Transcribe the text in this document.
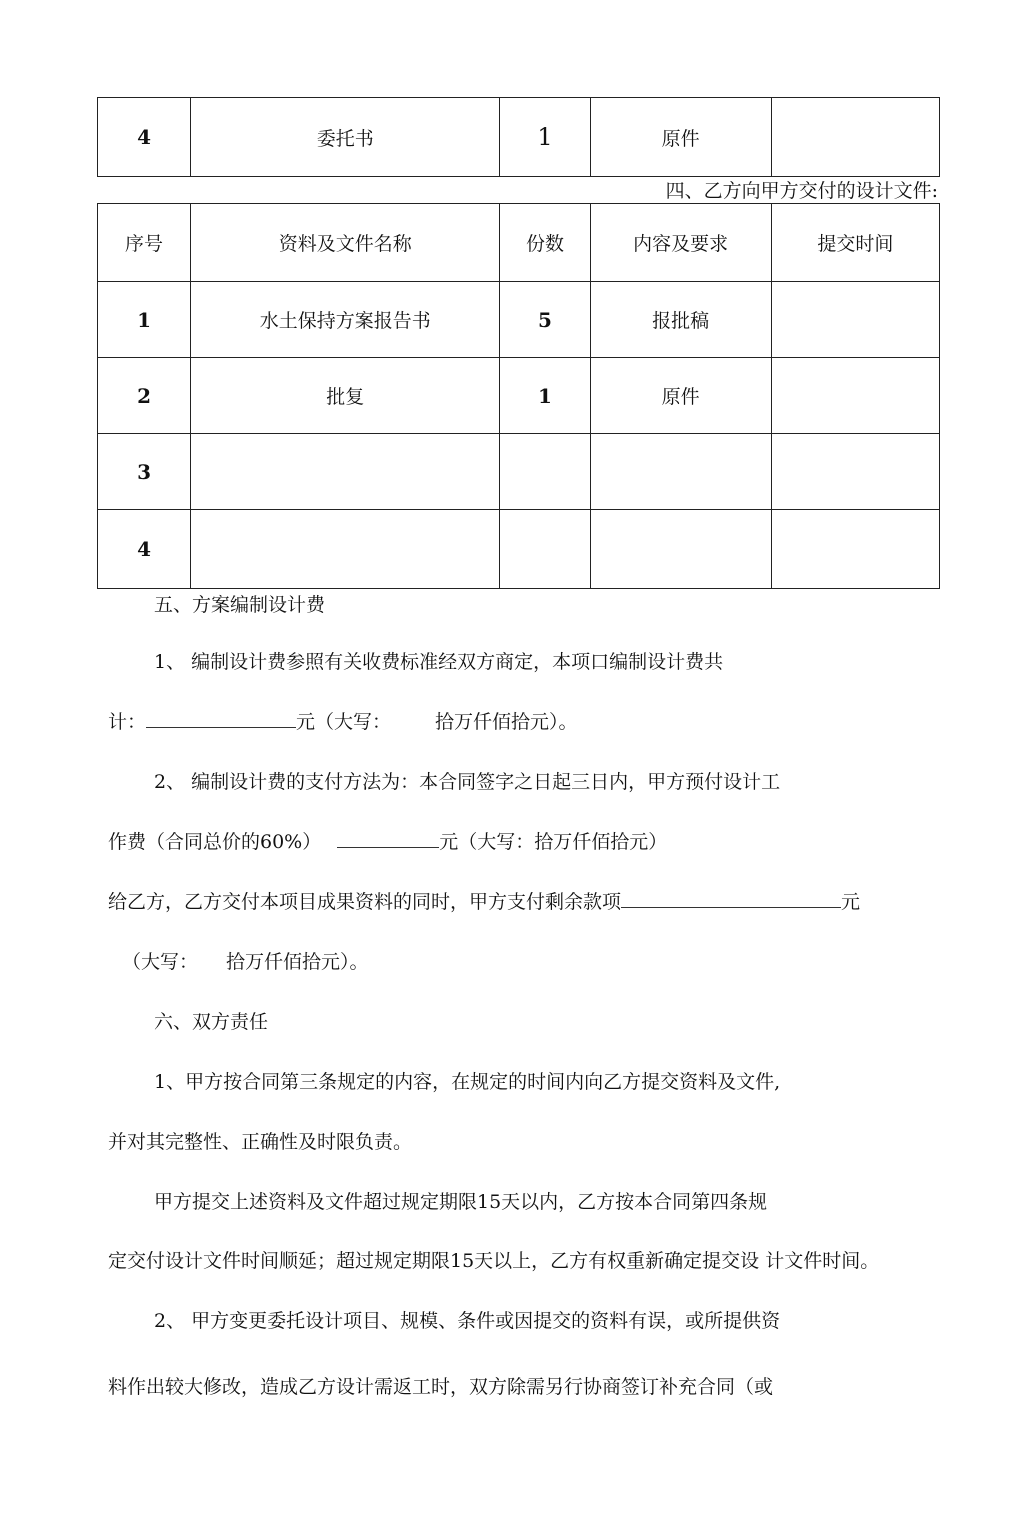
4	委托书	1	原件	
四、乙方向甲方交付的设计文件:
序号	资料及文件名称	份数	内容及要求	提交时间
1	水土保持方案报告书	5	报批稿	
2	批复	1	原件	
3				
4				
五、方案编制设计费
1、 编制设计费参照有关收费标准经双方商定，本项口编制设计费共
计：	元（大写： 拾万仟佰拾元）。
2、 编制设计费的支付方法为：本合同签字之日起三日内，甲方预付设计工
作费（合同总价的60%）	元（大写：拾万仟佰拾元）
给乙方，乙方交付本项目成果资料的同时，甲方支付剩余款项	元
（大写： 拾万仟佰拾元）。
六、双方责任
1、甲方按合同第三条规定的内容，在规定的时间内向乙方提交资料及文件,
并对其完整性、正确性及时限负责。
甲方提交上述资料及文件超过规定期限15天以内，乙方按本合同第四条规
定交付设计文件时间顺延；超过规定期限15天以上，乙方有权重新确定提交设 计文件时间。
2、 甲方变更委托设计项目、规模、条件或因提交的资料有误，或所提供资
料作出较大修改，造成乙方设计需返工时，双方除需另行协商签订补充合同（或
